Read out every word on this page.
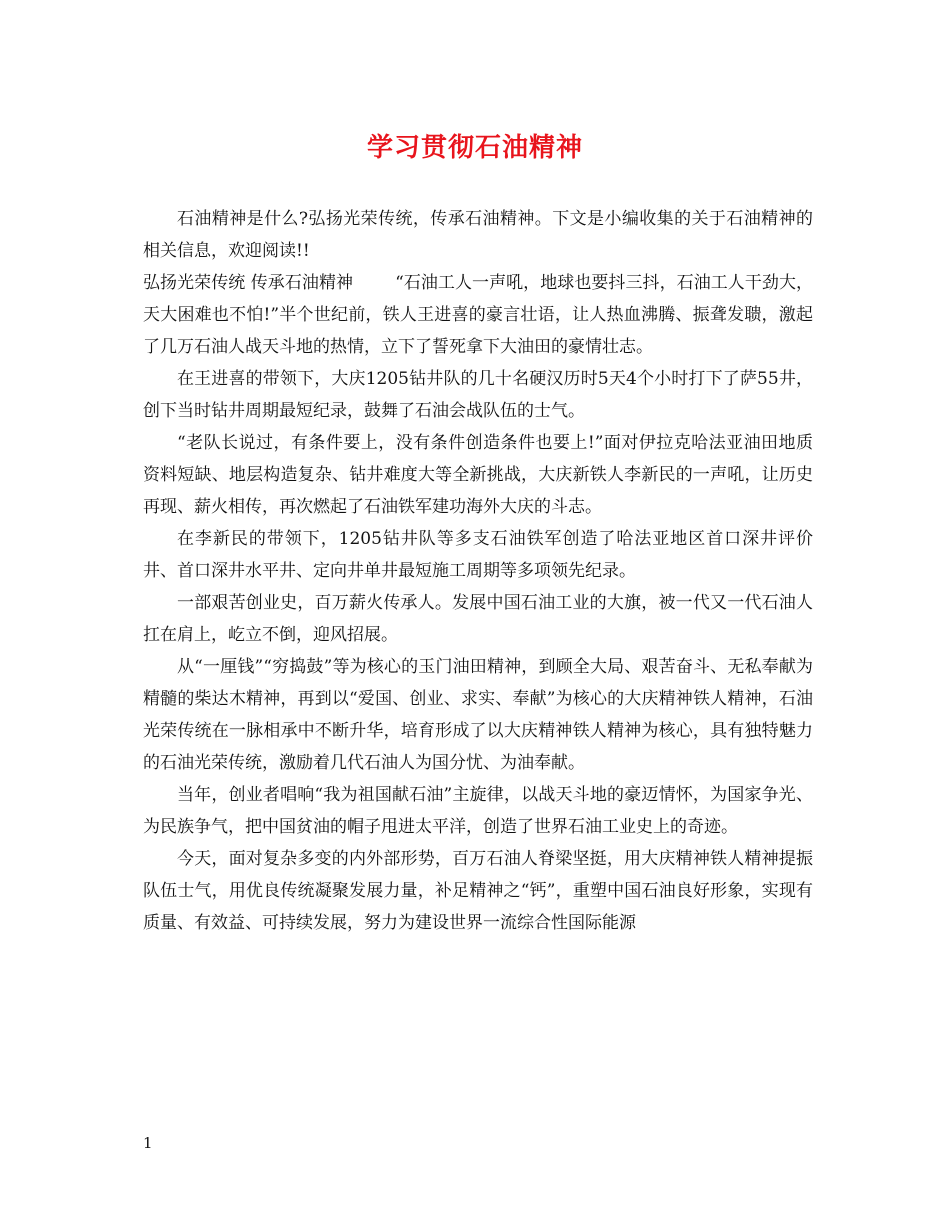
学习贯彻石油精神

石油精神是什么?弘扬光荣传统，传承石油精神。下文是小编收集的关于石油精神的相关信息，欢迎阅读!!

弘扬光荣传统 传承石油精神 “石油工人一声吼，地球也要抖三抖，石油工人干劲大，天大困难也不怕!”半个世纪前，铁人王进喜的豪言壮语，让人热血沸腾、振聋发聩，激起了几万石油人战天斗地的热情，立下了誓死拿下大油田的豪情壮志。

在王进喜的带领下，大庆1205钻井队的几十名硬汉历时5天4个小时打下了萨55井，创下当时钻井周期最短纪录，鼓舞了石油会战队伍的士气。

“老队长说过，有条件要上，没有条件创造条件也要上!”面对伊拉克哈法亚油田地质资料短缺、地层构造复杂、钻井难度大等全新挑战，大庆新铁人李新民的一声吼，让历史再现、薪火相传，再次燃起了石油铁军建功海外大庆的斗志。

在李新民的带领下，1205钻井队等多支石油铁军创造了哈法亚地区首口深井评价井、首口深井水平井、定向井单井最短施工周期等多项领先纪录。

一部艰苦创业史，百万薪火传承人。发展中国石油工业的大旗，被一代又一代石油人扛在肩上，屹立不倒，迎风招展。

从“一厘钱”“穷捣鼓”等为核心的玉门油田精神，到顾全大局、艰苦奋斗、无私奉献为精髓的柴达木精神，再到以“爱国、创业、求实、奉献”为核心的大庆精神铁人精神，石油光荣传统在一脉相承中不断升华，培育形成了以大庆精神铁人精神为核心，具有独特魅力的石油光荣传统，激励着几代石油人为国分忧、为油奉献。

当年，创业者唱响“我为祖国献石油”主旋律，以战天斗地的豪迈情怀，为国家争光、为民族争气，把中国贫油的帽子甩进太平洋，创造了世界石油工业史上的奇迹。

今天，面对复杂多变的内外部形势，百万石油人脊梁坚挺，用大庆精神铁人精神提振队伍士气，用优良传统凝聚发展力量，补足精神之“钙”，重塑中国石油良好形象，实现有质量、有效益、可持续发展，努力为建设世界一流综合性国际能源

1
